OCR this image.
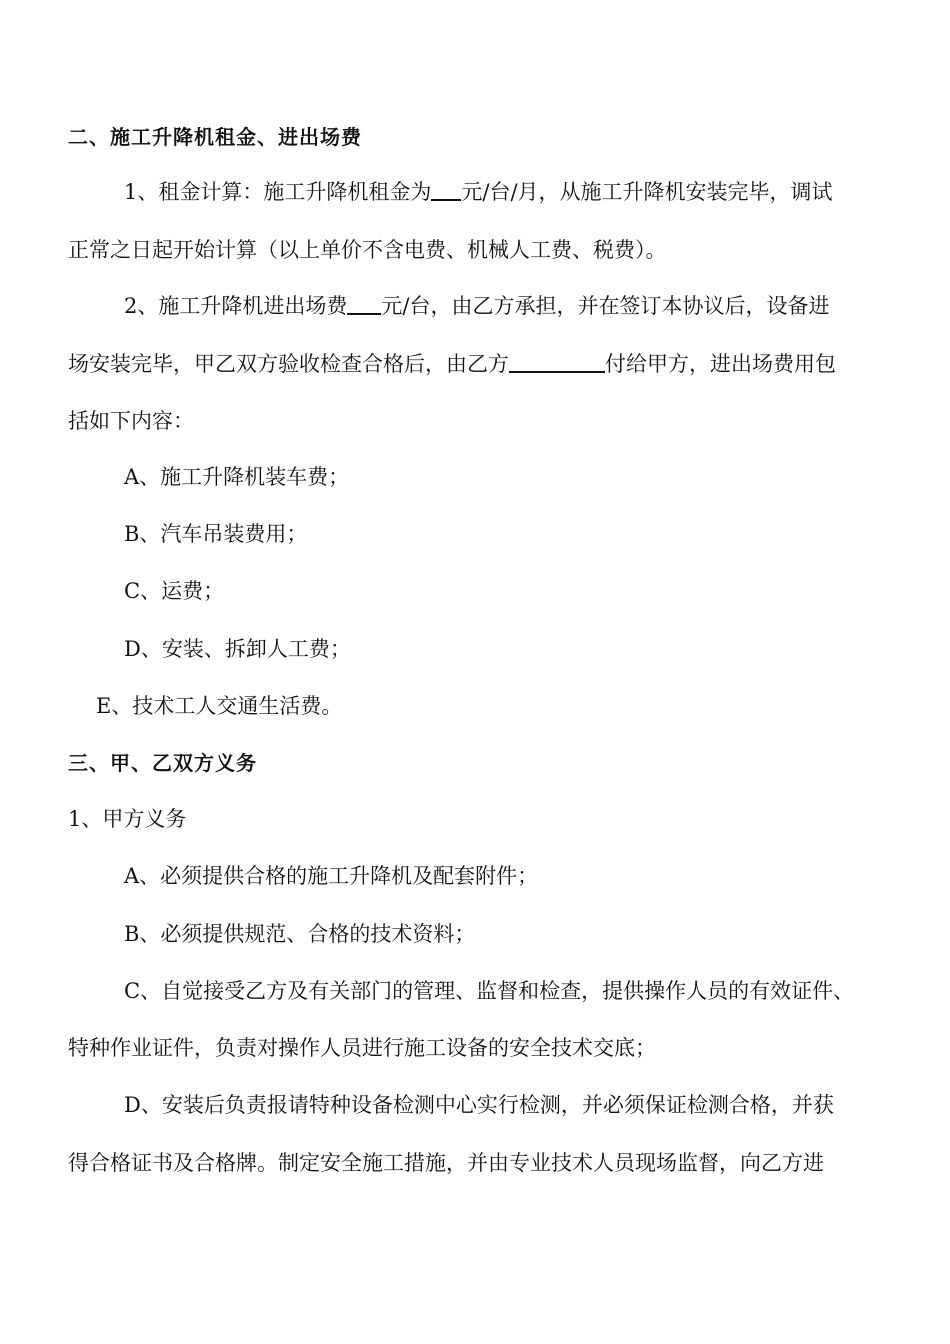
二、施工升降机租金、进出场费
1、租金计算：施工升降机租金为 元/台/月，从施工升降机安装完毕，调试
正常之日起开始计算（以上单价不含电费、机械人工费、税费）。
2、施工升降机进出场费 元/台，由乙方承担，并在签订本协议后，设备进
场安装完毕，甲乙双方验收检查合格后，由乙方	付给甲方，进出场费用包
括如下内容：
A、施工升降机装车费；
B、汽车吊装费用；
C、运费；
D、安装、拆卸人工费；
E、技术工人交通生活费。
三、甲、乙双方义务
1、甲方义务
A、必须提供合格的施工升降机及配套附件；
B、必须提供规范、合格的技术资料；
C、自觉接受乙方及有关部门的管理、监督和检查，提供操作人员的有效证件、
特种作业证件，负责对操作人员进行施工设备的安全技术交底；
D、安装后负责报请特种设备检测中心实行检测，并必须保证检测合格，并获
得合格证书及合格牌。制定安全施工措施，并由专业技术人员现场监督，向乙方进
